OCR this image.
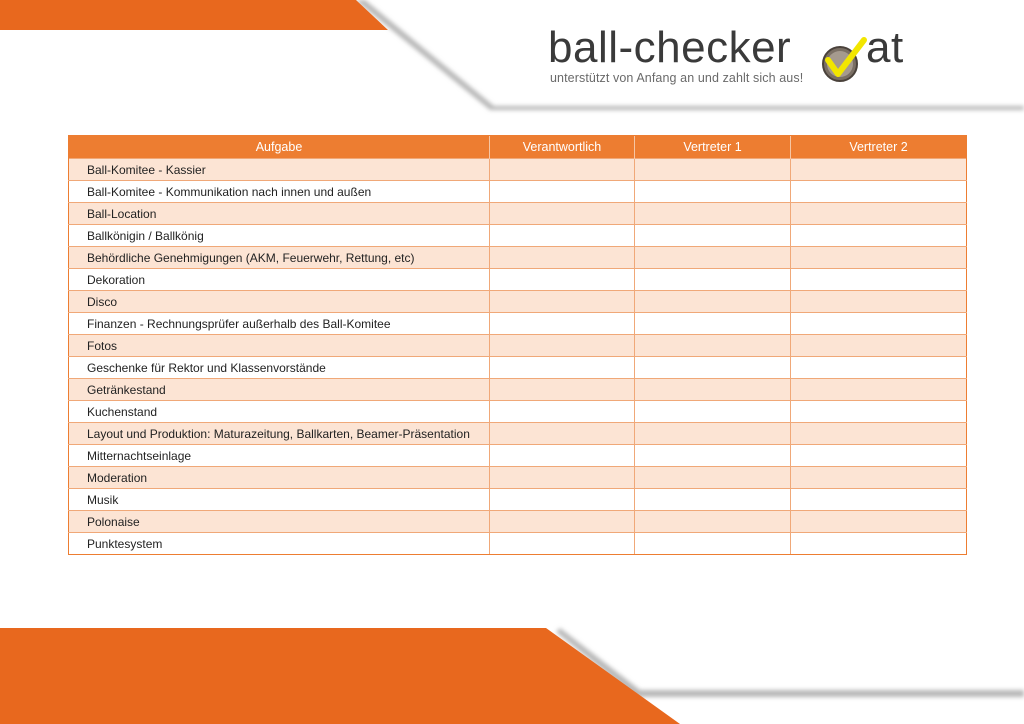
ball-checker at
unterstützt von Anfang an und zahlt sich aus!
Aufgabe	Verantwortlich	Vertreter 1	Vertreter 2
Ball-Komitee - Kassier			
Ball-Komitee - Kommunikation nach innen und außen			
Ball-Location			
Ballkönigin / Ballkönig			
Behördliche Genehmigungen (AKM, Feuerwehr, Rettung, etc)			
Dekoration			
Disco			
Finanzen - Rechnungsprüfer außerhalb des Ball-Komitee			
Fotos			
Geschenke für Rektor und Klassenvorstände			
Getränkestand			
Kuchenstand			
Layout und Produktion: Maturazeitung, Ballkarten, Beamer-Präsentation			
Mitternachtseinlage			
Moderation			
Musik			
Polonaise			
Punktesystem			
